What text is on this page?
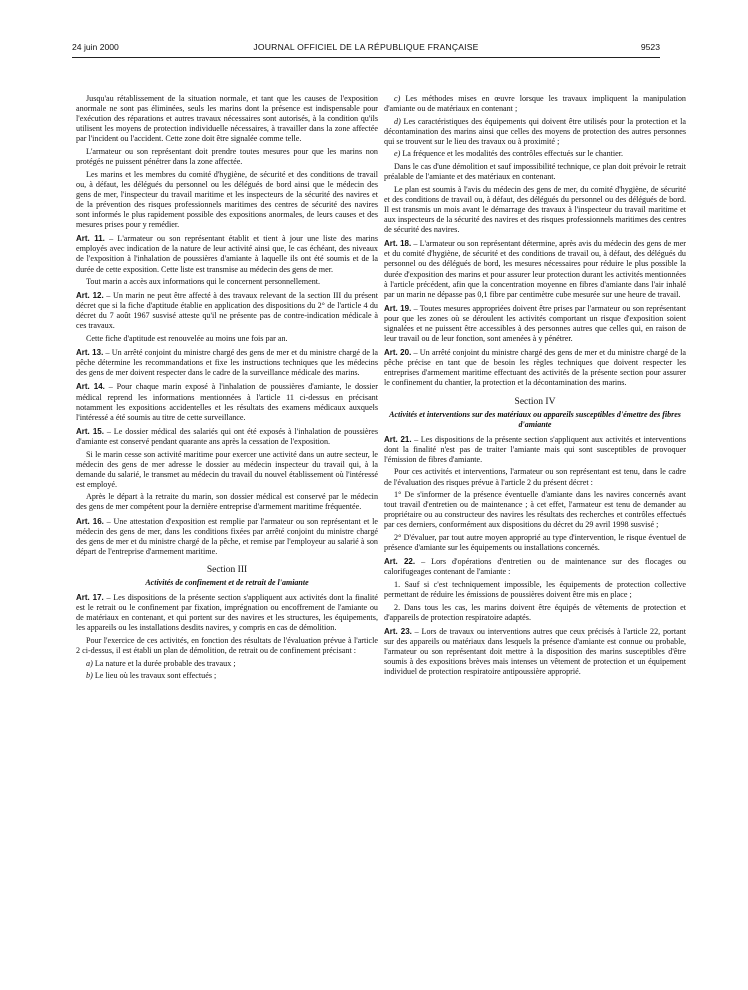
24 juin 2000	JOURNAL OFFICIEL DE LA RÉPUBLIQUE FRANÇAISE	9523

Jusqu'au rétablissement de la situation normale, et tant que les causes de l'exposition anormale ne sont pas éliminées, seuls les marins dont la présence est indispensable pour l'exécution des réparations et autres travaux nécessaires sont autorisés, à la condition qu'ils utilisent les moyens de protection individuelle nécessaires, à travailler dans la zone affectée par l'incident ou l'accident. Cette zone doit être signalée comme telle.

L'armateur ou son représentant doit prendre toutes mesures pour que les marins non protégés ne puissent pénétrer dans la zone affectée.

Les marins et les membres du comité d'hygiène, de sécurité et des conditions de travail ou, à défaut, les délégués du personnel ou les délégués de bord ainsi que le médecin des gens de mer, l'inspecteur du travail maritime et les inspecteurs de la sécurité des navires et de la prévention des risques professionnels maritimes des centres de sécurité des navires sont informés le plus rapidement possible des expositions anormales, de leurs causes et des mesures prises pour y remédier.

Art. 11. – L'armateur ou son représentant établit et tient à jour une liste des marins employés avec indication de la nature de leur activité ainsi que, le cas échéant, des niveaux de l'exposition à l'inhalation de poussières d'amiante à laquelle ils ont été soumis et de la durée de cette exposition. Cette liste est transmise au médecin des gens de mer.

Tout marin a accès aux informations qui le concernent personnellement.

Art. 12. – Un marin ne peut être affecté à des travaux relevant de la section III du présent décret que si la fiche d'aptitude établie en application des dispositions du 2° de l'article 4 du décret du 7 août 1967 susvisé atteste qu'il ne présente pas de contre-indication médicale à ces travaux.

Cette fiche d'aptitude est renouvelée au moins une fois par an.

Art. 13. – Un arrêté conjoint du ministre chargé des gens de mer et du ministre chargé de la pêche détermine les recommandations et fixe les instructions techniques que les médecins des gens de mer doivent respecter dans le cadre de la surveillance médicale des marins.

Art. 14. – Pour chaque marin exposé à l'inhalation de poussières d'amiante, le dossier médical reprend les informations mentionnées à l'article 11 ci-dessus en précisant notamment les expositions accidentelles et les résultats des examens médicaux auxquels l'intéressé a été soumis au titre de cette surveillance.

Art. 15. – Le dossier médical des salariés qui ont été exposés à l'inhalation de poussières d'amiante est conservé pendant quarante ans après la cessation de l'exposition.

Si le marin cesse son activité maritime pour exercer une activité dans un autre secteur, le médecin des gens de mer adresse le dossier au médecin inspecteur du travail qui, à la demande du salarié, le transmet au médecin du travail du nouvel établissement où l'intéressé est employé.

Après le départ à la retraite du marin, son dossier médical est conservé par le médecin des gens de mer compétent pour la dernière entreprise d'armement maritime fréquentée.

Art. 16. – Une attestation d'exposition est remplie par l'armateur ou son représentant et le médecin des gens de mer, dans les conditions fixées par arrêté conjoint du ministre chargé des gens de mer et du ministre chargé de la pêche, et remise par l'employeur au salarié à son départ de l'entreprise d'armement maritime.

Section III
Activités de confinement et de retrait de l'amiante

Art. 17. – Les dispositions de la présente section s'appliquent aux activités dont la finalité est le retrait ou le confinement par fixation, imprégnation ou encoffrement de l'amiante ou de matériaux en contenant, et qui portent sur des navires et les structures, les équipements, les appareils ou les installations desdits navires, y compris en cas de démolition.

Pour l'exercice de ces activités, en fonction des résultats de l'évaluation prévue à l'article 2 ci-dessus, il est établi un plan de démolition, de retrait ou de confinement précisant :

a) La nature et la durée probable des travaux ;

b) Le lieu où les travaux sont effectués ;

c) Les méthodes mises en œuvre lorsque les travaux impliquent la manipulation d'amiante ou de matériaux en contenant ;

d) Les caractéristiques des équipements qui doivent être utilisés pour la protection et la décontamination des marins ainsi que celles des moyens de protection des autres personnes qui se trouvent sur le lieu des travaux ou à proximité ;

e) La fréquence et les modalités des contrôles effectués sur le chantier.

Dans le cas d'une démolition et sauf impossibilité technique, ce plan doit prévoir le retrait préalable de l'amiante et des matériaux en contenant.

Le plan est soumis à l'avis du médecin des gens de mer, du comité d'hygiène, de sécurité et des conditions de travail ou, à défaut, des délégués du personnel ou des délégués de bord. Il est transmis un mois avant le démarrage des travaux à l'inspecteur du travail maritime et aux inspecteurs de la sécurité des navires et des risques professionnels maritimes des centres de sécurité des navires.

Art. 18. – L'armateur ou son représentant détermine, après avis du médecin des gens de mer et du comité d'hygiène, de sécurité et des conditions de travail ou, à défaut, des délégués du personnel ou des délégués de bord, les mesures nécessaires pour réduire le plus possible la durée d'exposition des marins et pour assurer leur protection durant les activités mentionnées à l'article précédent, afin que la concentration moyenne en fibres d'amiante dans l'air inhalé par un marin ne dépasse pas 0,1 fibre par centimètre cube mesurée sur une heure de travail.

Art. 19. – Toutes mesures appropriées doivent être prises par l'armateur ou son représentant pour que les zones où se déroulent les activités comportant un risque d'exposition soient signalées et ne puissent être accessibles à des personnes autres que celles qui, en raison de leur travail ou de leur fonction, sont amenées à y pénétrer.

Art. 20. – Un arrêté conjoint du ministre chargé des gens de mer et du ministre chargé de la pêche précise en tant que de besoin les règles techniques que doivent respecter les entreprises d'armement maritime effectuant des activités de la présente section pour assurer le confinement du chantier, la protection et la décontamination des marins.

Section IV
Activités et interventions sur des matériaux ou appareils susceptibles d'émettre des fibres d'amiante

Art. 21. – Les dispositions de la présente section s'appliquent aux activités et interventions dont la finalité n'est pas de traiter l'amiante mais qui sont susceptibles de provoquer l'émission de fibres d'amiante.

Pour ces activités et interventions, l'armateur ou son représentant est tenu, dans le cadre de l'évaluation des risques prévue à l'article 2 du présent décret :

1° De s'informer de la présence éventuelle d'amiante dans les navires concernés avant tout travail d'entretien ou de maintenance ; à cet effet, l'armateur est tenu de demander au propriétaire ou au constructeur des navires les résultats des recherches et contrôles effectués par ces derniers, conformément aux dispositions du décret du 29 avril 1998 susvisé ;

2° D'évaluer, par tout autre moyen approprié au type d'intervention, le risque éventuel de présence d'amiante sur les équipements ou installations concernés.

Art. 22. – Lors d'opérations d'entretien ou de maintenance sur des flocages ou calorifugeages contenant de l'amiante :

1. Sauf si c'est techniquement impossible, les équipements de protection collective permettant de réduire les émissions de poussières doivent être mis en place ;

2. Dans tous les cas, les marins doivent être équipés de vêtements de protection et d'appareils de protection respiratoire adaptés.

Art. 23. – Lors de travaux ou interventions autres que ceux précisés à l'article 22, portant sur des appareils ou matériaux dans lesquels la présence d'amiante est connue ou probable, l'armateur ou son représentant doit mettre à la disposition des marins susceptibles d'être soumis à des expositions brèves mais intenses un vêtement de protection et un équipement individuel de protection respiratoire antipoussière approprié.
